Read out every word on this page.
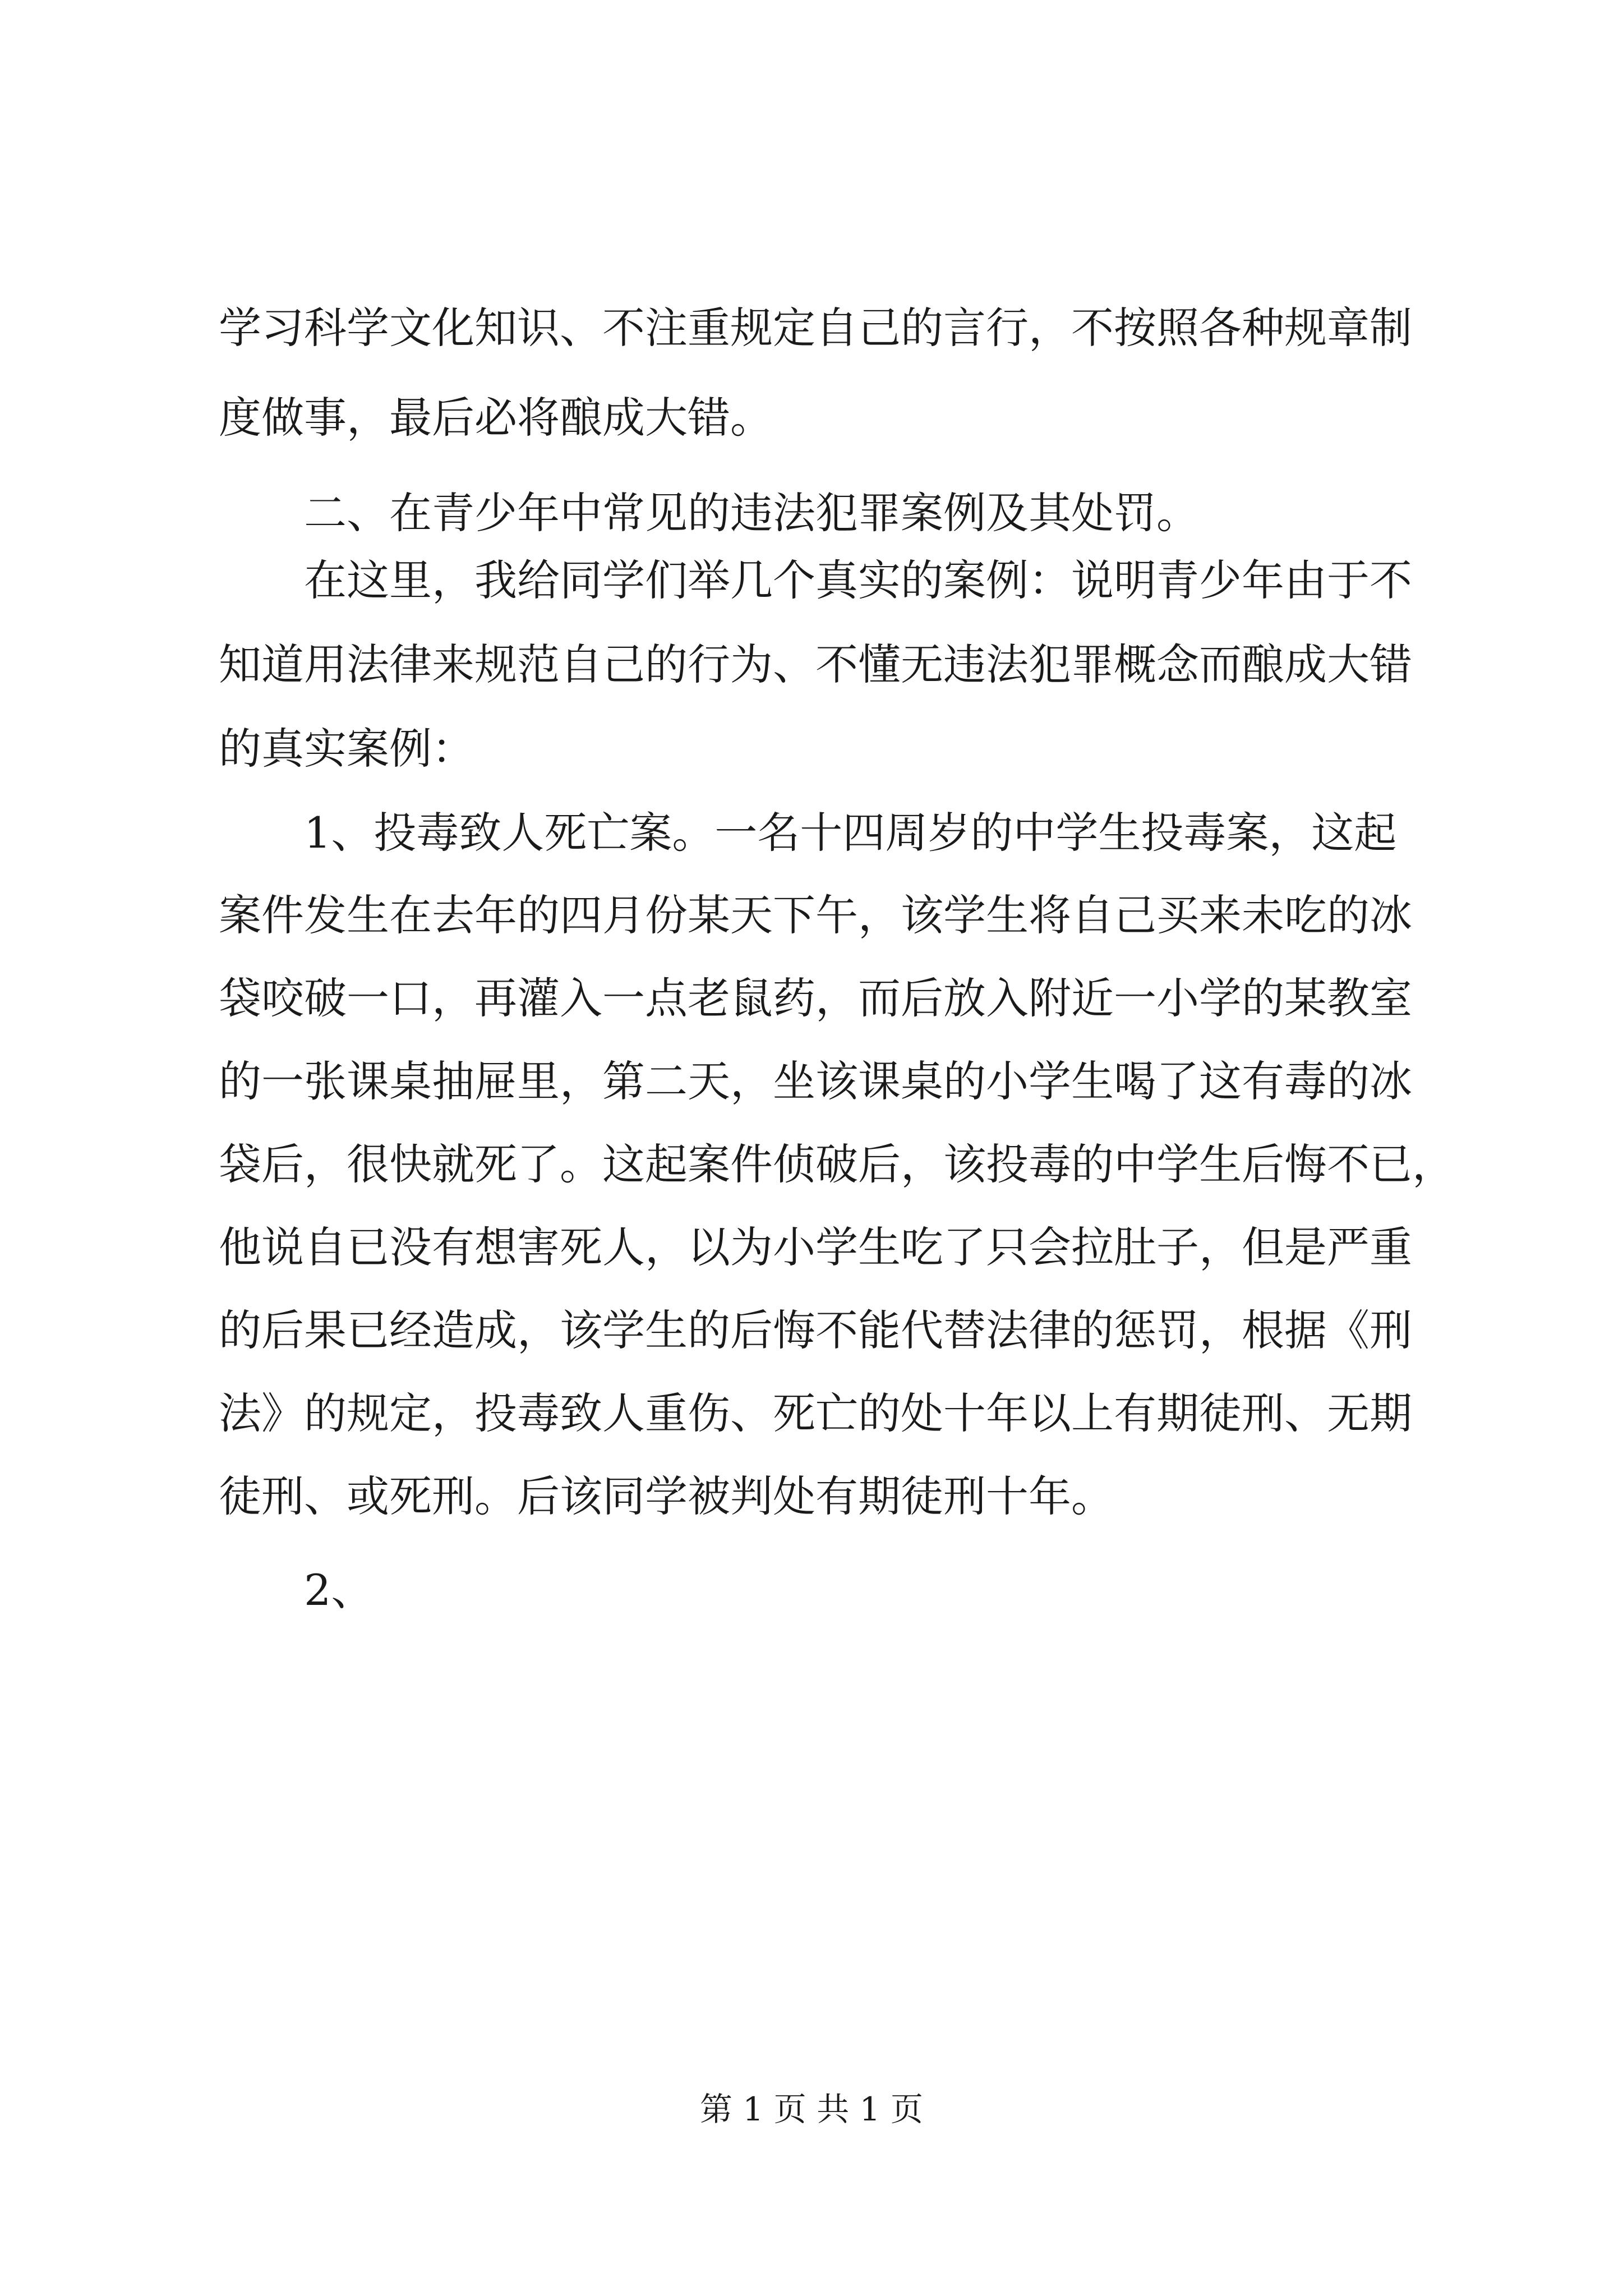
学习科学文化知识、不注重规定自己的言行，不按照各种规章制
度做事，最后必将酿成大错。
二、在青少年中常见的违法犯罪案例及其处罚。
在这里，我给同学们举几个真实的案例：说明青少年由于不
知道用法律来规范自己的行为、不懂无违法犯罪概念而酿成大错
的真实案例：
1、投毒致人死亡案。一名十四周岁的中学生投毒案，这起
案件发生在去年的四月份某天下午，该学生将自己买来未吃的冰
袋咬破一口，再灌入一点老鼠药，而后放入附近一小学的某教室
的一张课桌抽屉里，第二天，坐该课桌的小学生喝了这有毒的冰
袋后，很快就死了。这起案件侦破后，该投毒的中学生后悔不已，
他说自已没有想害死人，以为小学生吃了只会拉肚子，但是严重
的后果已经造成，该学生的后悔不能代替法律的惩罚，根据《刑
法》的规定，投毒致人重伤、死亡的处十年以上有期徒刑、无期
徒刑、或死刑。后该同学被判处有期徒刑十年。
2、
第 1 页 共 1 页
